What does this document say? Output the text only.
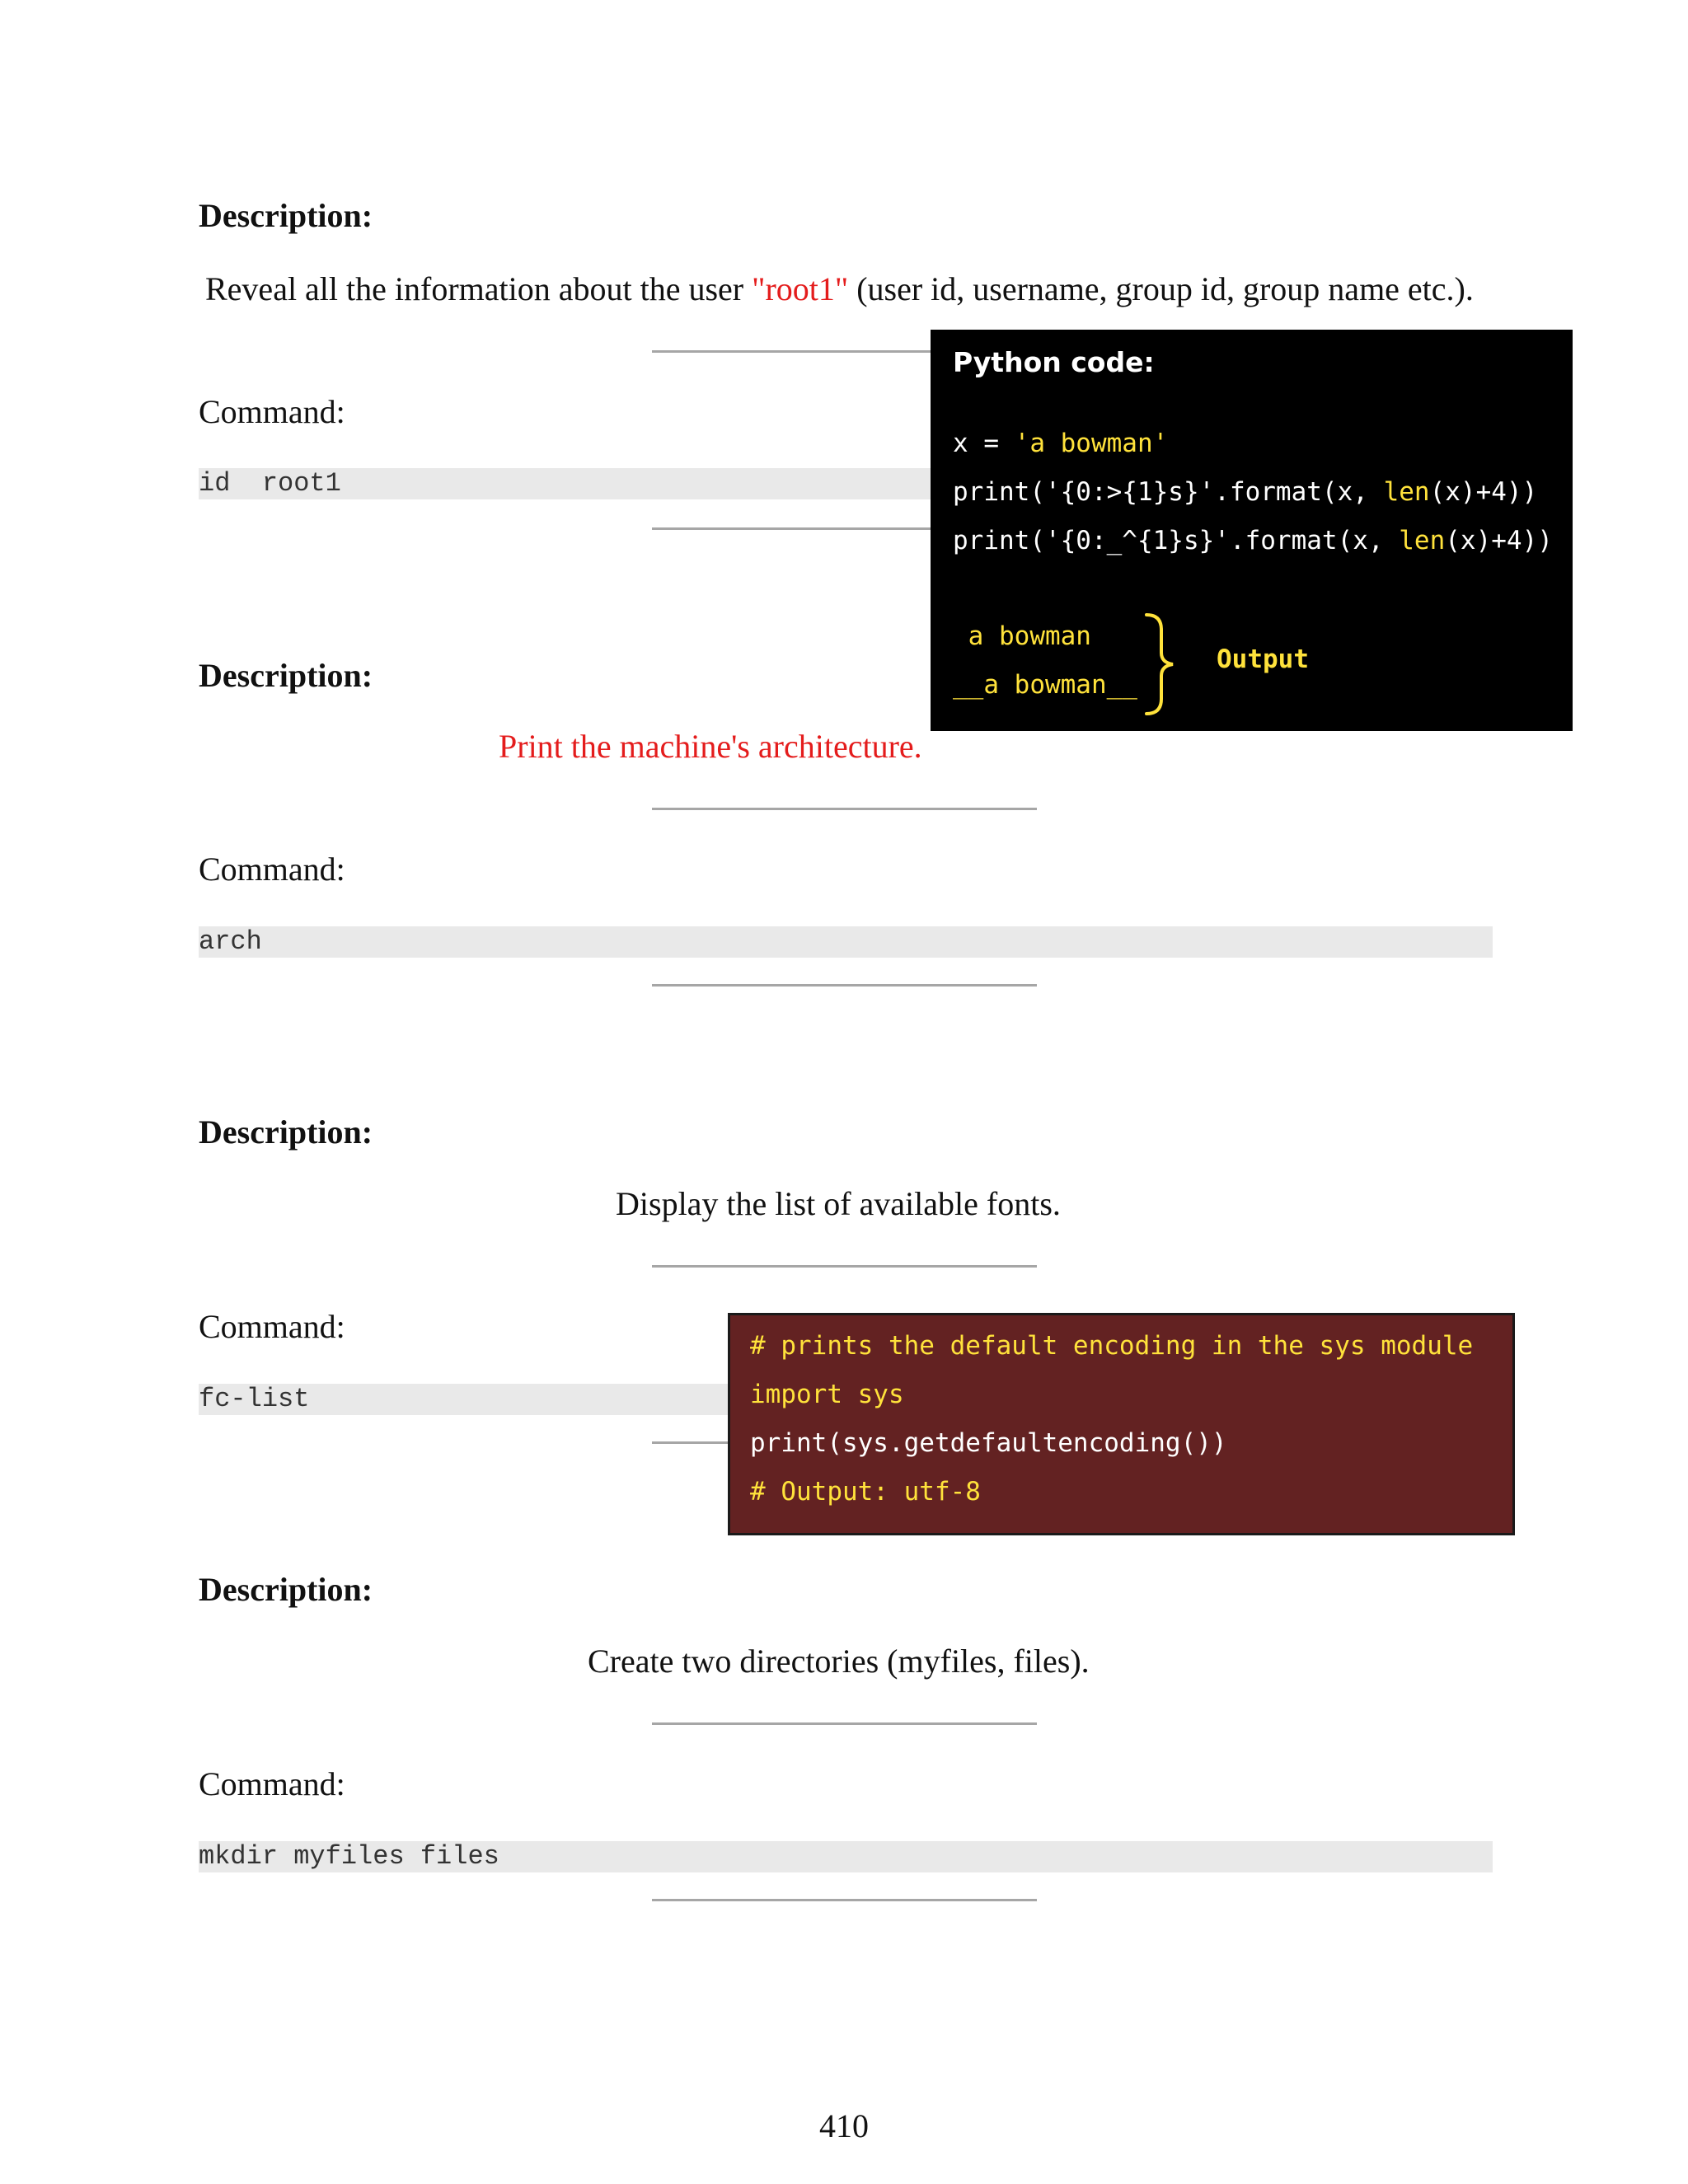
Description:
Reveal all the information about the user "root1" (user id, username, group id, group name etc.).
Command:
id  root1
Python code:
x = 'a bowman'
print('{0:>{1}s}'.format(x, len(x)+4))
print('{0:_^{1}s}'.format(x, len(x)+4))
a bowman
__a bowman__
Output
Description:
Print the machine's architecture.
Command:
arch
Description:
Display the list of available fonts.
Command:
fc-list
# prints the default encoding in the sys module
import sys
print(sys.getdefaultencoding())
# Output: utf-8
Description:
Create two directories (myfiles, files).
Command:
mkdir myfiles files
410
